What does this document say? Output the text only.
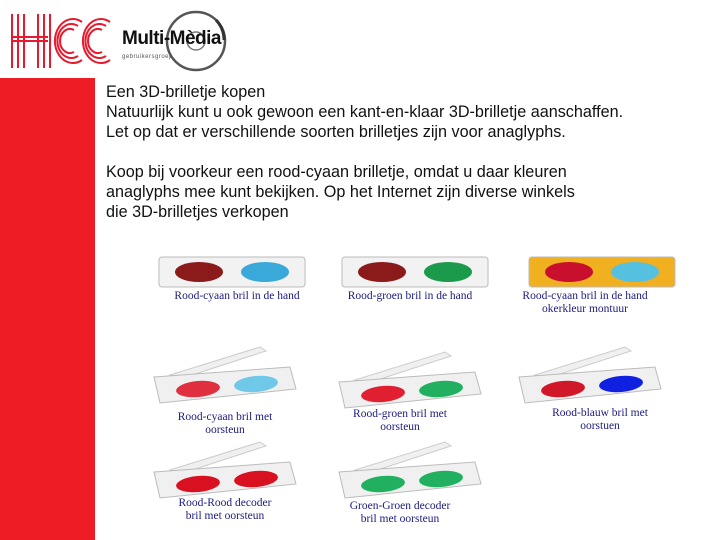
Multi-Mèdia
gebruikersgroep

Een 3D-brilletje kopen

Natuurlijk kunt u ook gewoon een kant-en-klaar 3D-brilletje aanschaffen.

Let op dat er verschillende soorten brilletjes zijn voor anaglyphs.

Koop bij voorkeur een rood-cyaan brilletje, omdat u daar kleuren

anaglyphs mee kunt bekijken. Op het Internet zijn diverse winkels

die 3D-brilletjes verkopen

Rood-cyaan bril in de hand	Rood-groen bril in de hand	Rood-cyaan bril in de hand
okerkleur montuur
Rood-cyaan bril met
oorsteun
Rood-groen bril met
oorsteun
Rood-blauw bril met
oorstuen
Rood-Rood decoder
bril met oorsteun
Groen-Groen decoder
bril met oorsteun
